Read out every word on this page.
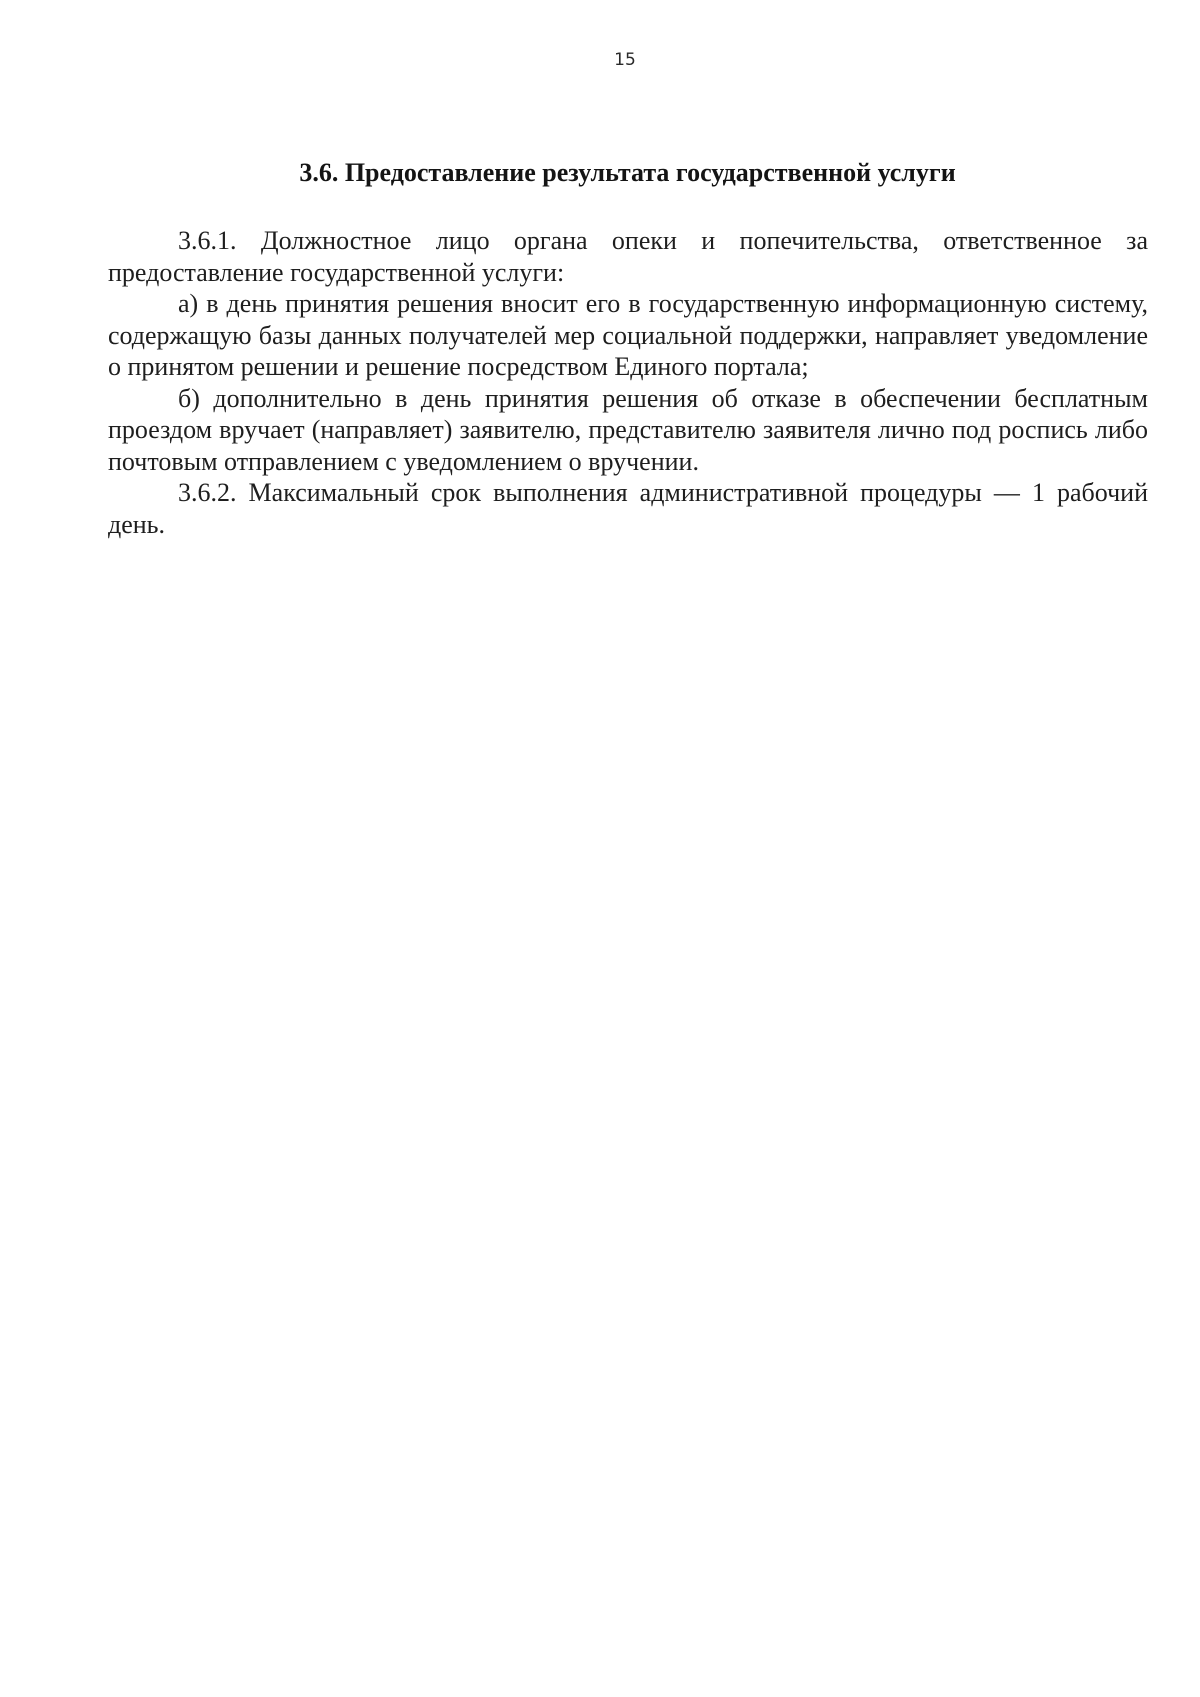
15
3.6. Предоставление результата государственной услуги

3.6.1. Должностное лицо органа опеки и попечительства, ответственное за предоставление государственной услуги:

а) в день принятия решения вносит его в государственную информационную систему, содержащую базы данных получателей мер социальной поддержки, направляет уведомление о принятом решении и решение посредством Единого портала;

б) дополнительно в день принятия решения об отказе в обеспечении бесплатным проездом вручает (направляет) заявителю, представителю заявителя лично под роспись либо почтовым отправлением с уведомлением о вручении.

3.6.2. Максимальный срок выполнения административной процедуры — 1 рабочий день.
